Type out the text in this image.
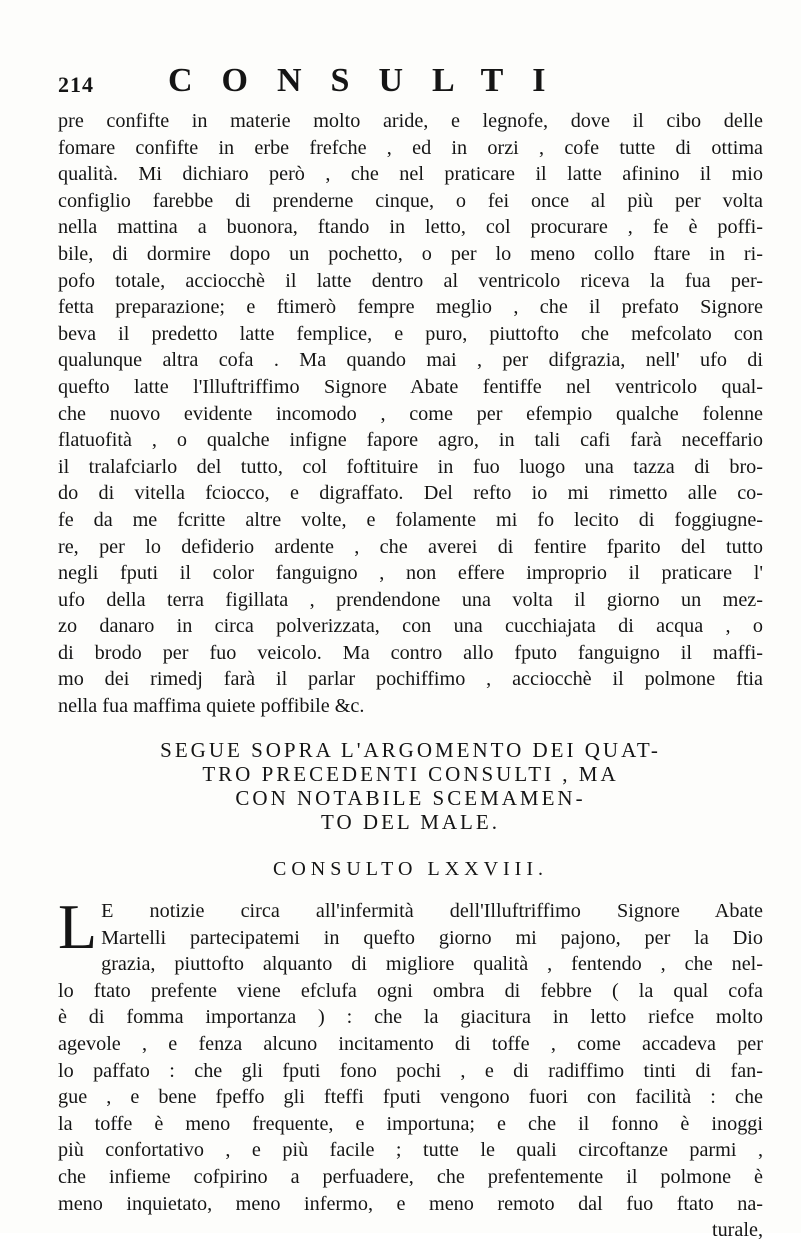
214 CONSULTI
pre confifte in materie molto aride, e legnofe, dove il cibo delle
fomare confifte in erbe frefche , ed in orzi , cofe tutte di ottima
qualità. Mi dichiaro però , che nel praticare il latte afinino il mio
configlio farebbe di prenderne cinque, o fei once al più per volta
nella mattina a buonora, ftando in letto, col procurare , fe è poffi-
bile, di dormire dopo un pochetto, o per lo meno collo ftare in ri-
pofo totale, acciocchè il latte dentro al ventricolo riceva la fua per-
fetta preparazione; e ftimerò fempre meglio , che il prefato Signore
beva il predetto latte femplice, e puro, piuttofto che mefcolato con
qualunque altra cofa . Ma quando mai , per difgrazia, nell' ufo di
quefto latte l'Illuftriffimo Signore Abate fentiffe nel ventricolo qual-
che nuovo evidente incomodo , come per efempio qualche folenne
flatuofità , o qualche infigne fapore agro, in tali cafi farà neceffario
il tralafciarlo del tutto, col foftituire in fuo luogo una tazza di bro-
do di vitella fciocco, e digraffato. Del refto io mi rimetto alle co-
fe da me fcritte altre volte, e folamente mi fo lecito di foggiugne-
re, per lo defiderio ardente , che averei di fentire fparito del tutto
negli fputi il color fanguigno , non effere improprio il praticare l'
ufo della terra figillata , prendendone una volta il giorno un mez-
zo danaro in circa polverizzata, con una cucchiajata di acqua , o
di brodo per fuo veicolo. Ma contro allo fputo fanguigno il maffi-
mo dei rimedj farà il parlar pochiffimo , acciocchè il polmone ftia
nella fua maffima quiete poffibile &c.
SEGUE SOPRA L'ARGOMENTO DEI QUAT-
TRO PRECEDENTI CONSULTI , MA
CON NOTABILE SCEMAMEN-
TO DEL MALE.
CONSULTO LXXVIII.
L E notizie circa all'infermità dell'Illuftriffimo Signore Abate
Martelli partecipatemi in quefto giorno mi pajono, per la Dio
grazia, piuttofto alquanto di migliore qualità , fentendo , che nel-
lo ftato prefente viene efclufa ogni ombra di febbre ( la qual cofa
è di fomma importanza ) : che la giacitura in letto riefce molto
agevole , e fenza alcuno incitamento di toffe , come accadeva per
lo paffato : che gli fputi fono pochi , e di radiffimo tinti di fan-
gue , e bene fpeffo gli fteffi fputi vengono fuori con facilità : che
la toffe è meno frequente, e importuna; e che il fonno è inoggi
più confortativo , e più facile ; tutte le quali circoftanze parmi ,
che infieme cofpirino a perfuadere, che prefentemente il polmone è
meno inquietato, meno infermo, e meno remoto dal fuo ftato na-
turale,
